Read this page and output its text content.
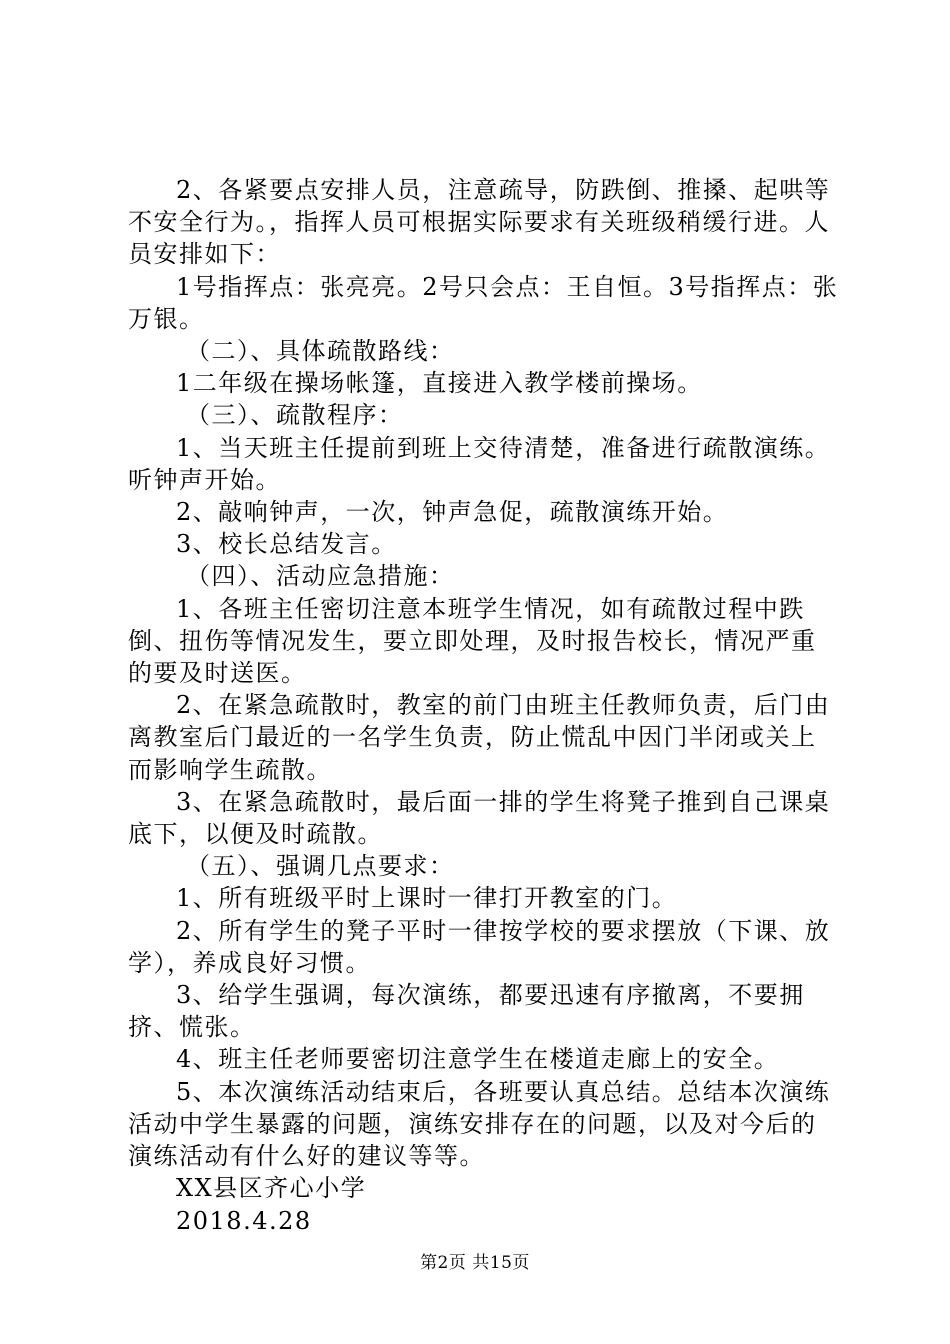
2、各紧要点安排人员，注意疏导，防跌倒、推搡、起哄等不安全行为。，指挥人员可根据实际要求有关班级稍缓行进。人员安排如下：

1号指挥点：张亮亮。2号只会点：王自恒。3号指挥点：张万银。

（二）、具体疏散路线：

1二年级在操场帐篷，直接进入教学楼前操场。

（三）、疏散程序：

1、当天班主任提前到班上交待清楚，准备进行疏散演练。听钟声开始。

2、敲响钟声，一次，钟声急促，疏散演练开始。

3、校长总结发言。

（四）、活动应急措施：

1、各班主任密切注意本班学生情况，如有疏散过程中跌倒、扭伤等情况发生，要立即处理，及时报告校长，情况严重的要及时送医。

2、在紧急疏散时，教室的前门由班主任教师负责，后门由离教室后门最近的一名学生负责，防止慌乱中因门半闭或关上而影响学生疏散。

3、在紧急疏散时，最后面一排的学生将凳子推到自己课桌底下，以便及时疏散。

（五）、强调几点要求：

1、所有班级平时上课时一律打开教室的门。

2、所有学生的凳子平时一律按学校的要求摆放（下课、放学），养成良好习惯。

3、给学生强调，每次演练，都要迅速有序撤离，不要拥挤、慌张。

4、班主任老师要密切注意学生在楼道走廊上的安全。

5、本次演练活动结束后，各班要认真总结。总结本次演练活动中学生暴露的问题，演练安排存在的问题，以及对今后的演练活动有什么好的建议等等。

XX县区齐心小学

2018.4.28

第2页 共15页
